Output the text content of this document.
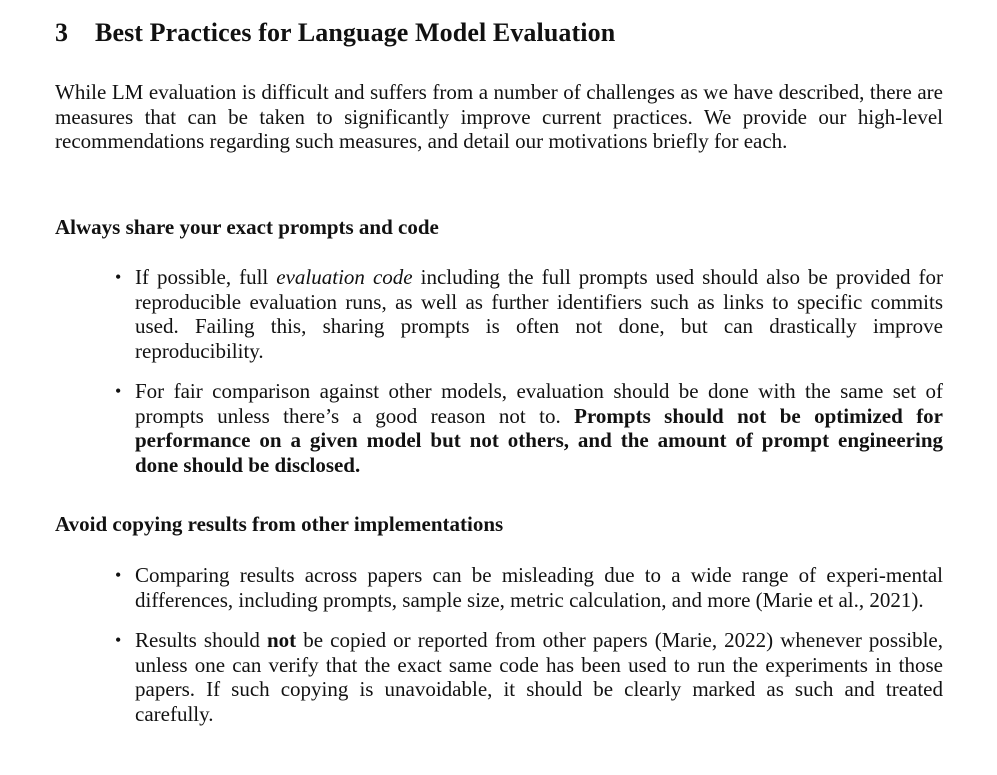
3 Best Practices for Language Model Evaluation

While LM evaluation is difficult and suffers from a number of challenges as we have described, there are measures that can be taken to significantly improve current practices. We provide our high-level recommendations regarding such measures, and detail our motivations briefly for each.

Always share your exact prompts and code
• If possible, full evaluation code including the full prompts used should also be provided for reproducible evaluation runs, as well as further identifiers such as links to specific commits used. Failing this, sharing prompts is often not done, but can drastically improve reproducibility.
• For fair comparison against other models, evaluation should be done with the same set of prompts unless there’s a good reason not to. Prompts should not be optimized for performance on a given model but not others, and the amount of prompt engineering done should be disclosed.
Avoid copying results from other implementations
• Comparing results across papers can be misleading due to a wide range of experi-mental differences, including prompts, sample size, metric calculation, and more (Marie et al., 2021).
• Results should not be copied or reported from other papers (Marie, 2022) whenever possible, unless one can verify that the exact same code has been used to run the experiments in those papers. If such copying is unavoidable, it should be clearly marked as such and treated carefully.
